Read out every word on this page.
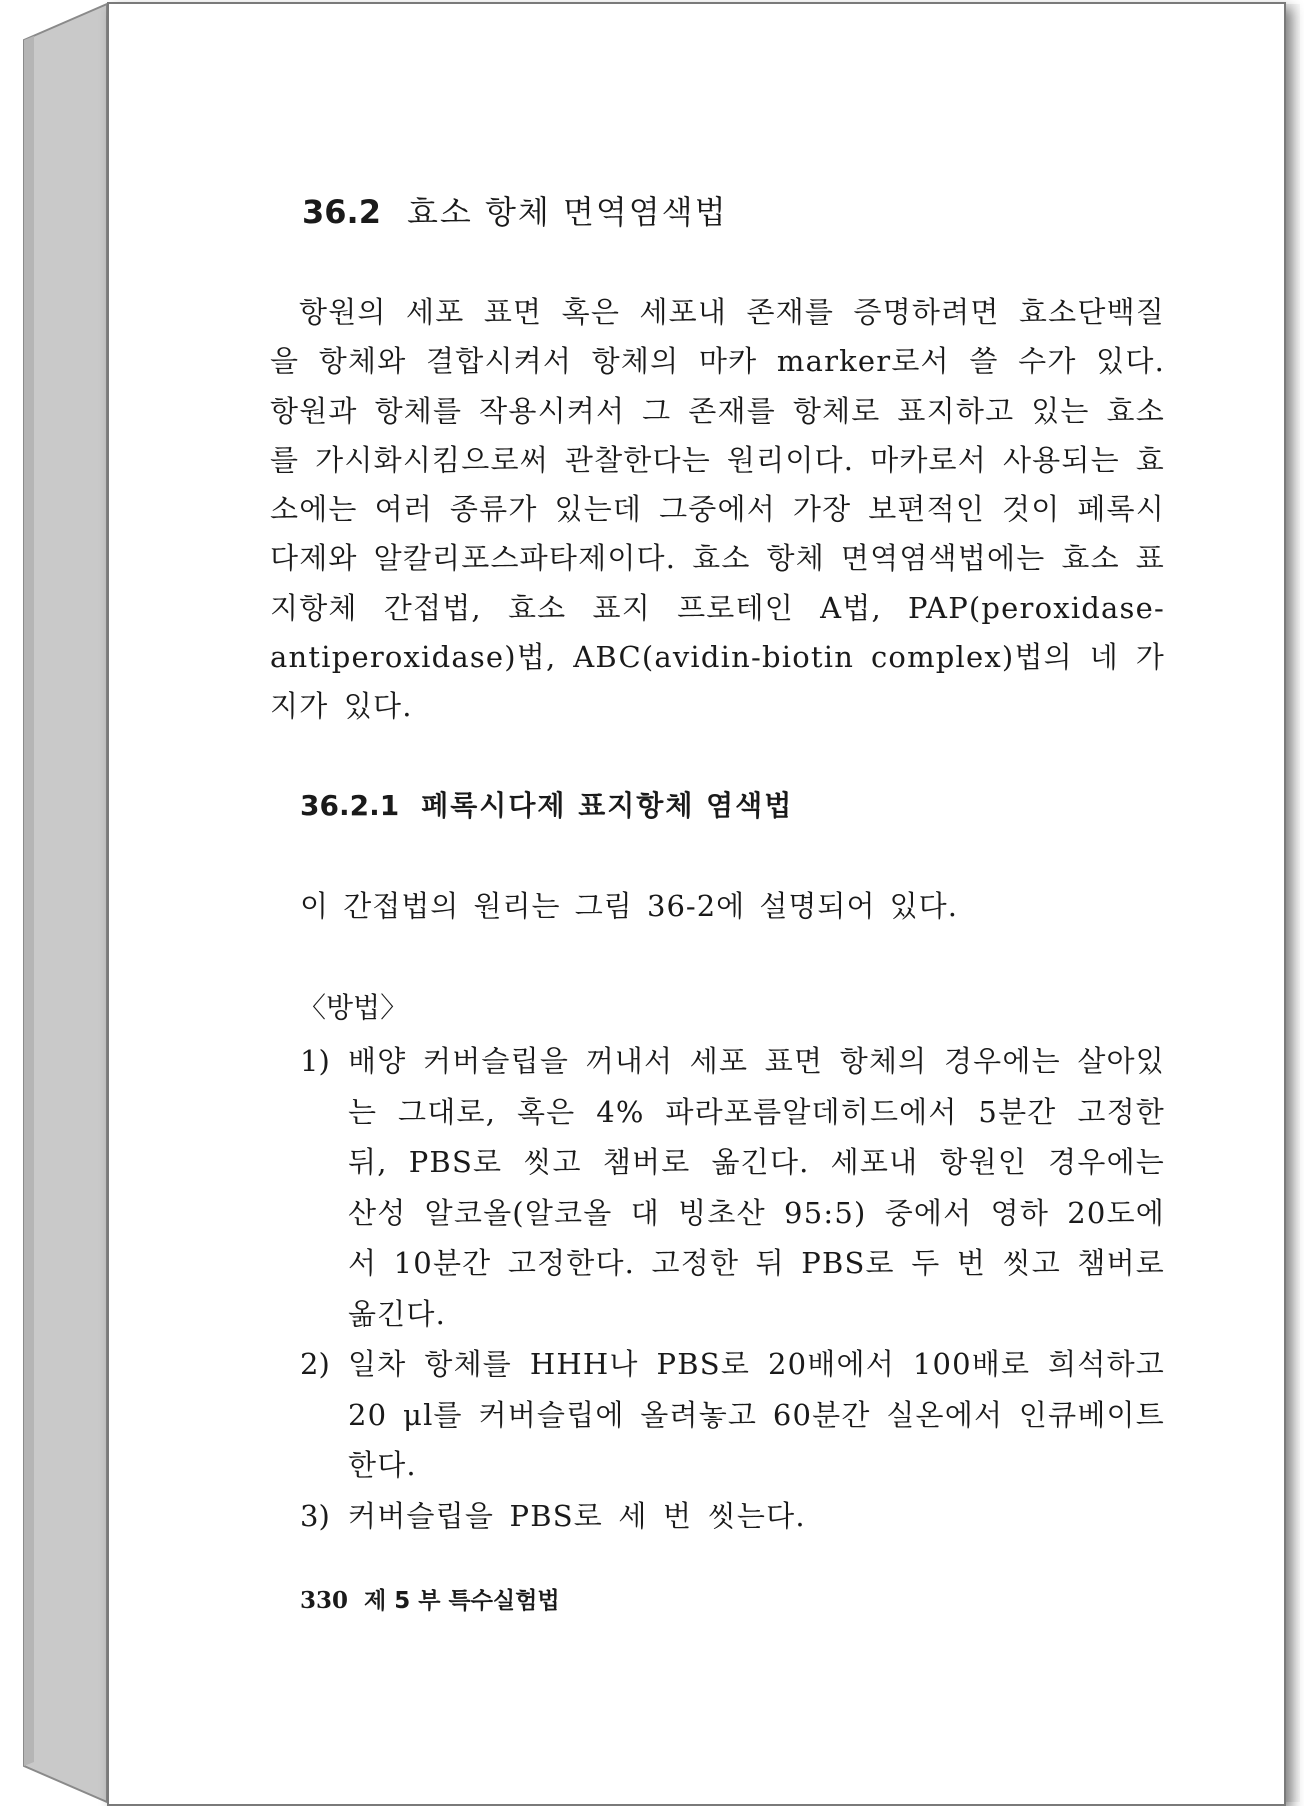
36.2 효소 항체 면역염색법

항원의 세포 표면 혹은 세포내 존재를 증명하려면 효소단백질을 항체와 결합시켜서 항체의 마카 marker로서 쓸 수가 있다. 항원과 항체를 작용시켜서 그 존재를 항체로 표지하고 있는 효소를 가시화시킴으로써 관찰한다는 원리이다. 마카로서 사용되는 효소에는 여러 종류가 있는데 그중에서 가장 보편적인 것이 페록시다제와 알칼리포스파타제이다. 효소 항체 면역염색법에는 효소 표지항체 간접법, 효소 표지 프로테인 A법, PAP(peroxidase-antiperoxidase)법, ABC(avidin-biotin complex)법의 네 가지가 있다.

36.2.1 페록시다제 표지항체 염색법

이 간접법의 원리는 그림 36-2에 설명되어 있다.

〈방법〉

1) 배양 커버슬립을 꺼내서 세포 표면 항체의 경우에는 살아있는 그대로, 혹은 4% 파라포름알데히드에서 5분간 고정한 뒤, PBS로 씻고 챔버로 옮긴다. 세포내 항원인 경우에는 산성 알코올(알코올 대 빙초산 95:5) 중에서 영하 20도에서 10분간 고정한다. 고정한 뒤 PBS로 두 번 씻고 챔버로 옮긴다.
2) 일차 항체를 HHH나 PBS로 20배에서 100배로 희석하고 20 μl를 커버슬립에 올려놓고 60분간 실온에서 인큐베이트한다.
3) 커버슬립을 PBS로 세 번 씻는다.

330 제 5 부 특수실험법
